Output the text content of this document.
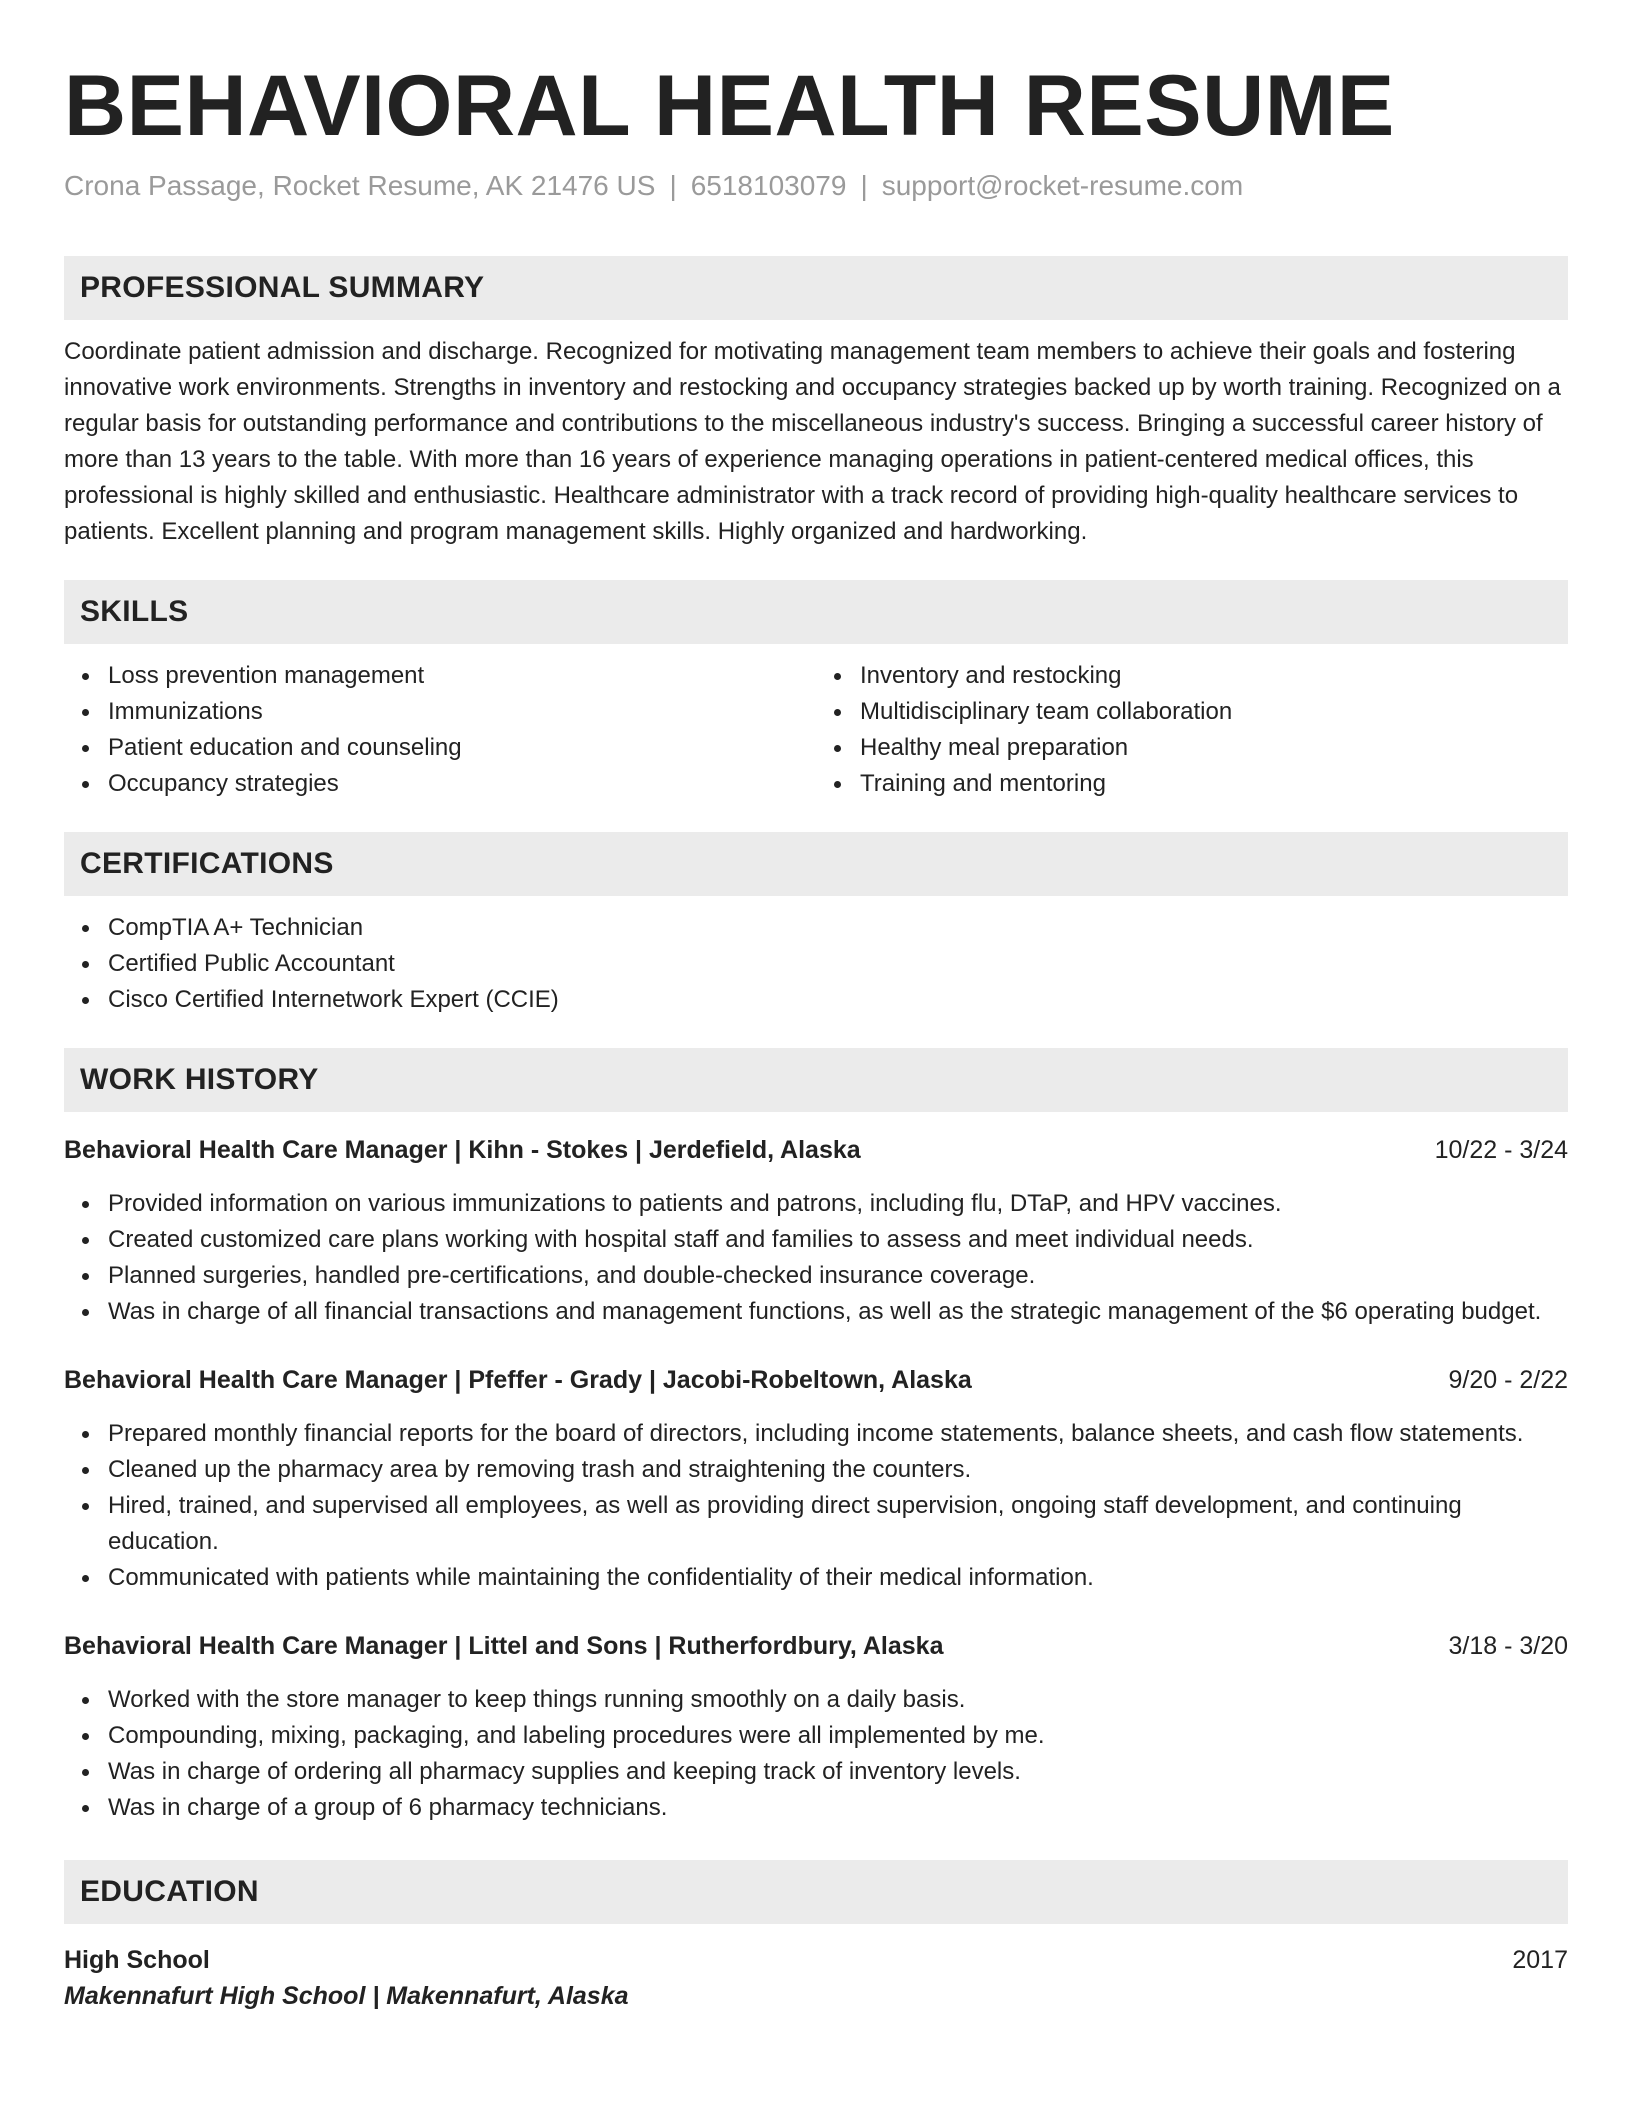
BEHAVIORAL HEALTH RESUME
Crona Passage, Rocket Resume, AK 21476 US | 6518103079 | support@rocket-resume.com
PROFESSIONAL SUMMARY

Coordinate patient admission and discharge. Recognized for motivating management team members to achieve their goals and fostering innovative work environments. Strengths in inventory and restocking and occupancy strategies backed up by worth training. Recognized on a regular basis for outstanding performance and contributions to the miscellaneous industry's success. Bringing a successful career history of more than 13 years to the table. With more than 16 years of experience managing operations in patient-centered medical offices, this professional is highly skilled and enthusiastic. Healthcare administrator with a track record of providing high-quality healthcare services to patients. Excellent planning and program management skills. Highly organized and hardworking.

SKILLS
Loss prevention management
Immunizations
Patient education and counseling
Occupancy strategies
Inventory and restocking
Multidisciplinary team collaboration
Healthy meal preparation
Training and mentoring
CERTIFICATIONS
CompTIA A+ Technician
Certified Public Accountant
Cisco Certified Internetwork Expert (CCIE)
WORK HISTORY
Behavioral Health Care Manager | Kihn - Stokes | Jerdefield, Alaska	10/22 - 3/24
Provided information on various immunizations to patients and patrons, including flu, DTaP, and HPV vaccines.
Created customized care plans working with hospital staff and families to assess and meet individual needs.
Planned surgeries, handled pre-certifications, and double-checked insurance coverage.
Was in charge of all financial transactions and management functions, as well as the strategic management of the $6 operating budget.
Behavioral Health Care Manager | Pfeffer - Grady | Jacobi-Robeltown, Alaska	9/20 - 2/22
Prepared monthly financial reports for the board of directors, including income statements, balance sheets, and cash flow statements.
Cleaned up the pharmacy area by removing trash and straightening the counters.
Hired, trained, and supervised all employees, as well as providing direct supervision, ongoing staff development, and continuing education.
Communicated with patients while maintaining the confidentiality of their medical information.
Behavioral Health Care Manager | Littel and Sons | Rutherfordbury, Alaska	3/18 - 3/20
Worked with the store manager to keep things running smoothly on a daily basis.
Compounding, mixing, packaging, and labeling procedures were all implemented by me.
Was in charge of ordering all pharmacy supplies and keeping track of inventory levels.
Was in charge of a group of 6 pharmacy technicians.
EDUCATION
High School	2017
Makennafurt High School | Makennafurt, Alaska
